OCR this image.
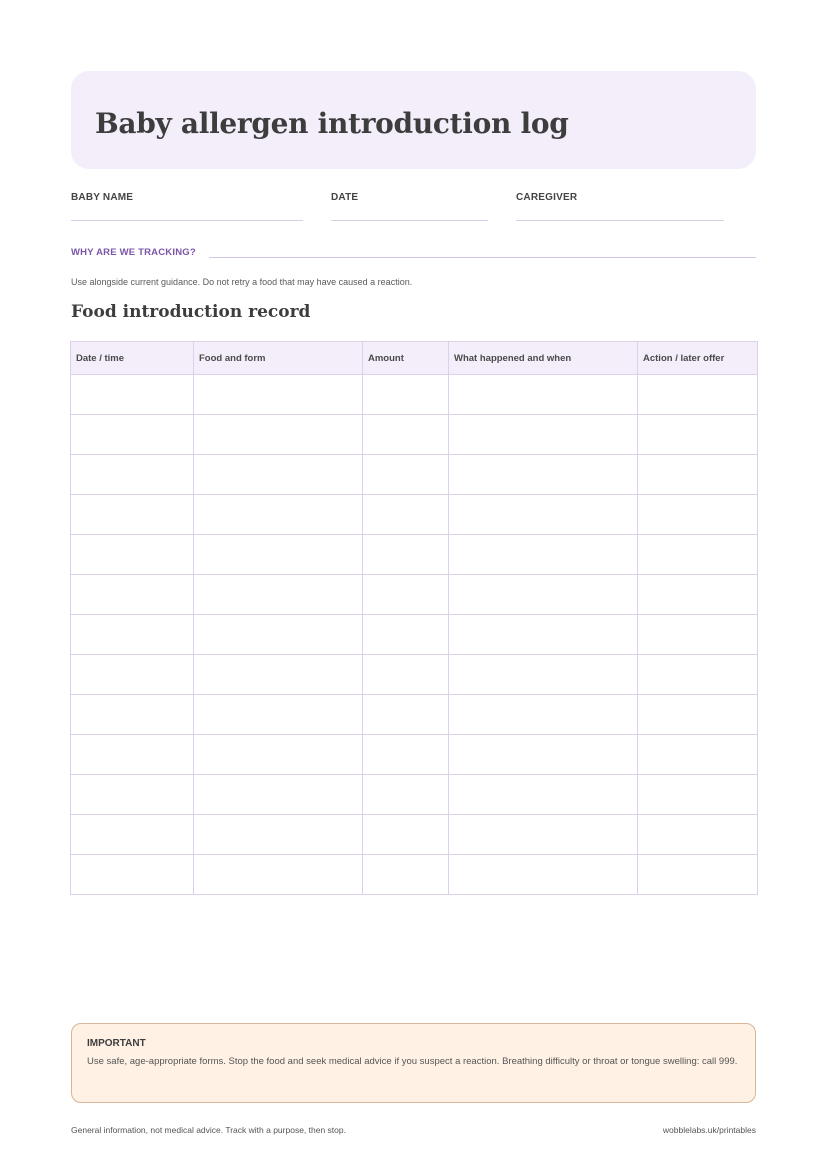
Baby allergen introduction log
BABY NAME	DATE	CAREGIVER
WHY ARE WE TRACKING?
Use alongside current guidance. Do not retry a food that may have caused a reaction.
Food introduction record
Date / time	Food and form	Amount	What happened and when	Action / later offer

IMPORTANT
Use safe, age-appropriate forms. Stop the food and seek medical advice if you suspect a reaction. Breathing difficulty or throat or tongue swelling: call 999.
General information, not medical advice. Track with a purpose, then stop.	wobblelabs.uk/printables
